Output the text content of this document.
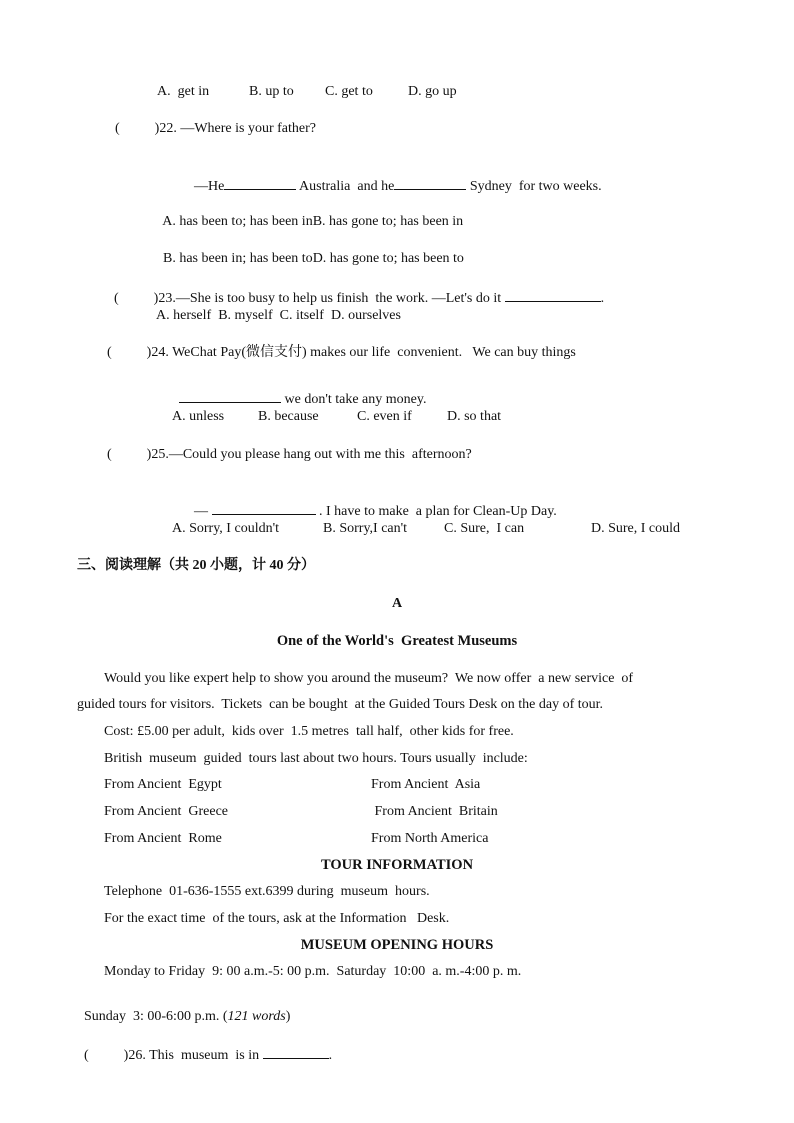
A.  get in	B. up to C. get to	D. go up
(          )22. —Where is your father?

—He	Australia  and he	Sydney  for two weeks.

A. has been to; has been inB. has gone to; has been in

B. has been in; has been toD. has gone to; has been to

(          )23.—She is too busy to help us finish  the work. —Let's do it	.

A. herself  B. myself  C. itself  D. ourselves
(          )24. WeChat Pay(微信支付) makes our life  convenient.   We can buy things

we don't take any money.

A. unless B. because	C. even if	D. so that
(          )25.—Could you please hang out with me this  afternoon?

—	. I have to make  a plan for Clean-Up Day.

A. Sorry, I couldn't	B. Sorry,I can't	C. Sure,  I can	D. Sure, I could
三、阅读理解（共 20 小题，计 40 分）
A
One of the World's  Greatest Museums
Would you like expert help to show you around the museum?  We now offer  a new service  of
guided tours for visitors.  Tickets  can be bought  at the Guided Tours Desk on the day of tour.
Cost: £5.00 per adult,  kids over  1.5 metres  tall half,  other kids for free.
British  museum  guided  tours last about two hours. Tours usually  include:
From Ancient  Egypt	From Ancient  Asia
From Ancient  Greece	From Ancient  Britain
From Ancient  Rome	From North America
TOUR INFORMATION
Telephone  01-636-1555 ext.6399 during  museum  hours.
For the exact time  of the tours, ask at the Information   Desk.
MUSEUM OPENING HOURS
Monday to Friday  9: 00 a.m.-5: 00 p.m.  Saturday  10:00  a. m.-4:00 p. m.

Sunday  3: 00-6:00 p.m. (121 words)

(          )26. This  museum  is in	.
